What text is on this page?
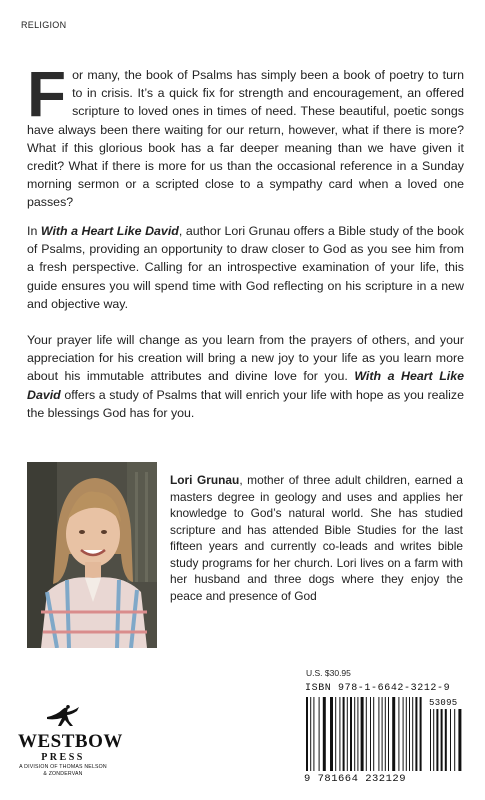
RELIGION

For many, the book of Psalms has simply been a book of poetry to turn to in crisis. It’s a quick fix for strength and encouragement, an offered scripture to loved ones in times of need. These beautiful, poetic songs have always been there waiting for our return, however, what if there is more? What if this glorious book has a far deeper meaning than we have given it credit? What if there is more for us than the occasional reference in a Sunday morning sermon or a scripted close to a sympathy card when a loved one passes?

In With a Heart Like David, author Lori Grunau offers a Bible study of the book of Psalms, providing an opportunity to draw closer to God as you see him from a fresh perspective. Calling for an introspective examination of your life, this guide ensures you will spend time with God reflecting on his scripture in a new and objective way.

Your prayer life will change as you learn from the prayers of others, and your appreciation for his creation will bring a new joy to your life as you learn more about his immutable attributes and divine love for you. With a Heart Like David offers a study of Psalms that will enrich your life with hope as you realize the blessings God has for you.

Lori Grunau, mother of three adult children, earned a masters degree in geology and uses and applies her knowledge to God’s natural world. She has studied scripture and has attended Bible Studies for the last fifteen years and currently co-leads and writes bible study programs for her church. Lori lives on a farm with her husband and three dogs where they enjoy the peace and presence of God

U.S. $30.95
ISBN 978-1-6642-3212-9
53095
9 781664 232129
WESTBOW
PRESS
A DIVISION OF THOMAS NELSON
& ZONDERVAN
